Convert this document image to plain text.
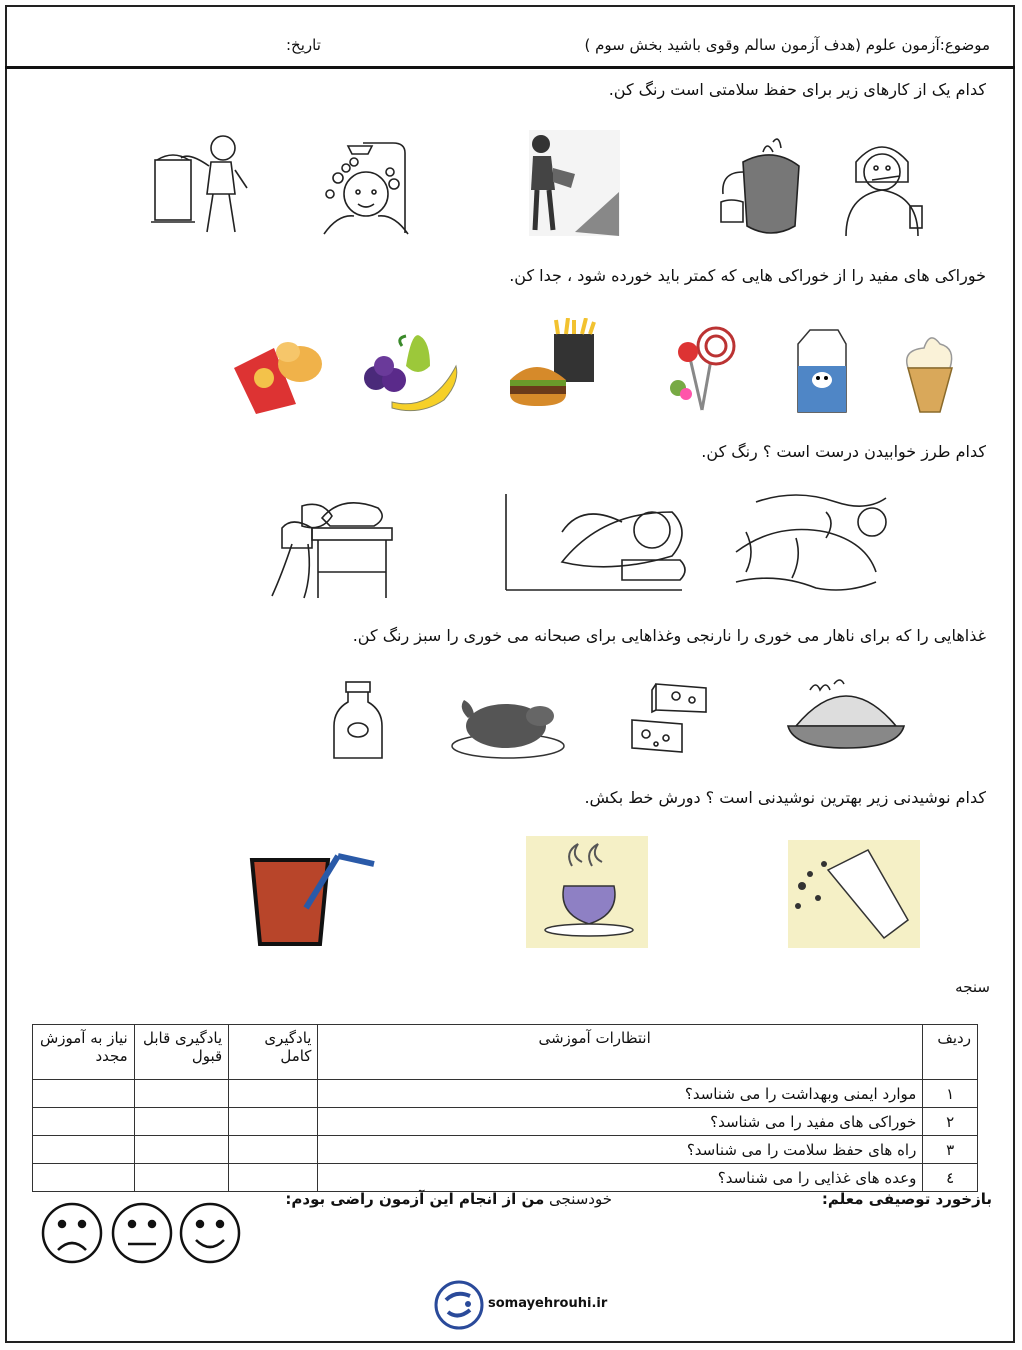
موضوع:آزمون علوم (هدف آزمون سالم وقوی باشید بخش سوم )
تاریخ:
کدام یک از کارهای زیر برای حفظ سلامتی است رنگ کن.
خوراکی های مفید را از خوراکی هایی که کمتر باید خورده شود ، جدا کن.
کدام طرز خوابیدن درست است ؟ رنگ کن.
غذاهایی را که برای ناهار می خوری را نارنجی وغذاهایی برای صبحانه می خوری را سبز رنگ کن.
کدام نوشیدنی زیر بهترین نوشیدنی است ؟ دورش خط بکش.
سنجه
ردیف	انتظارات آموزشی	یادگیری کامل	یادگیری قابل قبول	نیاز به آموزش مجدد
١	موارد ایمنی وبهداشت را می شناسد؟			
٢	خوراکی های مفید را می شناسد؟			
٣	راه های حفظ سلامت را می شناسد؟			
٤	وعده های غذایی را می شناسد؟			
بازخورد توصیفی معلم:
خودسنجی من از انجام این آزمون راضی بودم:
somayehrouhi.ir
